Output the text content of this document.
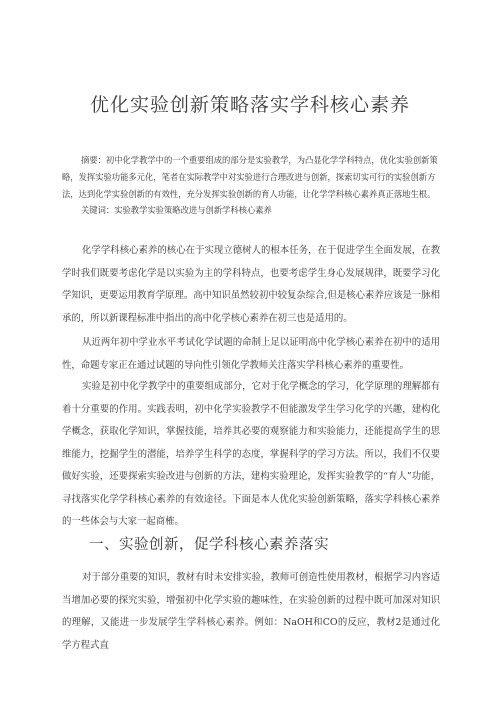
优化实验创新策略落实学科核心素养

摘要：初中化学教学中的一个重要组成的部分是实验教学，为凸显化学学科特点，优化实验创新策略，发挥实验功能多元化，笔者在实际教学中对实验进行合理改进与创新，探索切实可行的实验创新方法，达到化学实验创新的有效性，充分发挥实验创新的育人功能，让化学学科核心素养真正落地生根。

关键词：实验教学实验策略改进与创新学科核心素养

化学学科核心素养的核心在于实现立德树人的根本任务，在于促进学生全面发展，在教学时我们既要考虑化学是以实验为主的学科特点，也要考虑学生身心发展规律，既要学习化学知识，更要运用教育学原理。高中知识虽然较初中较复杂综合,但是核心素养应该是一脉相承的，所以新课程标准中指出的高中化学核心素养在初三也是适用的。

从近两年初中学业水平考试化学试题的命制上足以证明高中化学核心素养在初中的适用性，命题专家正在通过试题的导向性引领化学教师关注落实学科核心素养的重要性。

实验是初中化学教学中的重要组成部分，它对于化学概念的学习，化学原理的理解都有着十分重要的作用。实践表明，初中化学实验教学不但能激发学生学习化学的兴趣，建构化学概念，获取化学知识，掌握技能，培养其必要的观察能力和实验能力，还能提高学生的思维能力，挖掘学生的潜能，培养学生科学的态度，掌握科学的学习方法。所以，我们不仅要做好实验，还要探索实验改进与创新的方法，建构实验理论，发挥实验教学的“育人”功能，寻找落实化学学科核心素养的有效途径。下面是本人优化实验创新策略，落实学科核心素养的一些体会与大家一起商榷。

一、实验创新，促学科核心素养落实

对于部分重要的知识，教材有时未安排实验，教师可创造性使用教材，根据学习内容适当增加必要的探究实验，增强初中化学实验的趣味性，在实验创新的过程中既可加深对知识的理解，又能进一步发展学生学科核心素养。例如：NaOH和CO的反应，教材2是通过化学方程式直
